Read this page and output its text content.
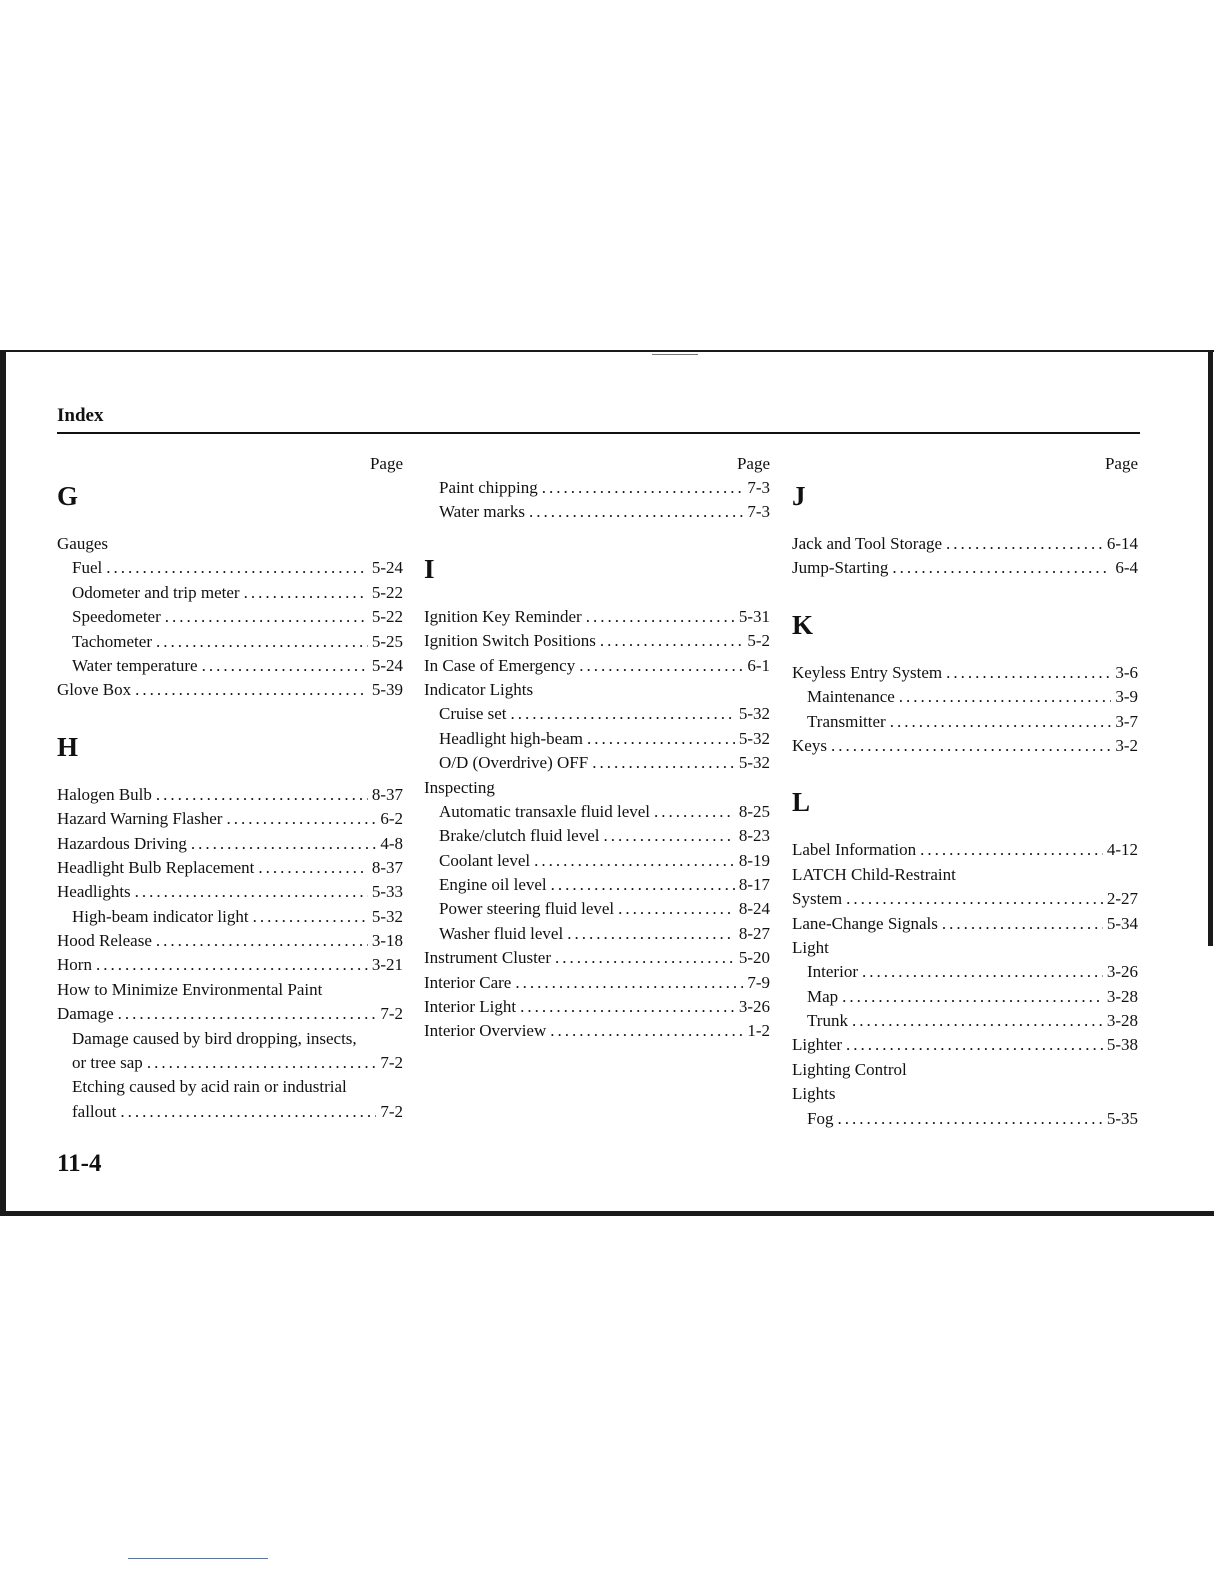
Index
Page
G
Gauges
Fuel .....	5-24
Odometer and trip meter .....	5-22
Speedometer .....	5-22
Tachometer .....	5-25
Water temperature .....	5-24
Glove Box .....	5-39
H
Halogen Bulb .....	8-37
Hazard Warning Flasher .....	6-2
Hazardous Driving .....	4-8
Headlight Bulb Replacement .....	8-37
Headlights .....	5-33
High-beam indicator light .....	5-32
Hood Release .....	3-18
Horn .....	3-21
How to Minimize Environmental Paint
Damage .....	7-2
Damage caused by bird dropping, insects,
or tree sap .....	7-2
Etching caused by acid rain or industrial
fallout .....	7-2
Page
Paint chipping .....	7-3
Water marks .....	7-3
I
Ignition Key Reminder .....	5-31
Ignition Switch Positions .....	5-2
In Case of Emergency .....	6-1
Indicator Lights
Cruise set .....	5-32
Headlight high-beam .....	5-32
O/D (Overdrive) OFF .....	5-32
Inspecting
Automatic transaxle fluid level .....	8-25
Brake/clutch fluid level .....	8-23
Coolant level .....	8-19
Engine oil level .....	8-17
Power steering fluid level .....	8-24
Washer fluid level .....	8-27
Instrument Cluster .....	5-20
Interior Care .....	7-9
Interior Light .....	3-26
Interior Overview .....	1-2
Page
J
Jack and Tool Storage .....	6-14
Jump-Starting .....	6-4
K
Keyless Entry System .....	3-6
Maintenance .....	3-9
Transmitter .....	3-7
Keys .....	3-2
L
Label Information .....	4-12
LATCH Child-Restraint
System .....	2-27
Lane-Change Signals .....	5-34
Light
Interior .....	3-26
Map .....	3-28
Trunk .....	3-28
Lighter .....	5-38
Lighting Control
Lights
Fog .....	5-35
11-4
